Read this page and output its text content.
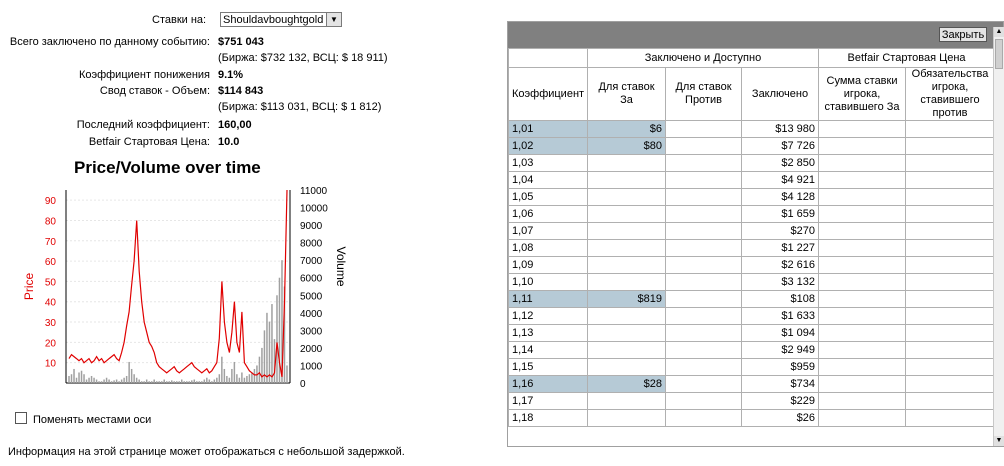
Ставки на: Shouldavboughtgold ▼
Всего заключено по данному событию: $751 043
(Биржа: $732 132, ВСЦ: $ 18 911)
Коэффициент понижения 9.1%
Свод ставок - Объем: $114 843
(Биржа: $113 031, ВСЦ: $ 1 812)
Последний коэффициент: 160,00
Betfair Стартовая Цена: 10.0
Price/Volume over time
10
20
30
40
50
60
70
80
90
0
1000
2000
3000
4000
5000
6000
7000
8000
9000
10000
11000
Price	Volume
Поменять местами оси
Информация на этой странице может отображаться с небольшой задержкой.
Закрыть
	Заключено и Доступно			Betfair Стартовая Цена	
Коэффициент	Для ставок За	Для ставок Против	Заключено	Сумма ставки игрока, ставившего За	Обязательства игрока, ставившего против
1,01	$6		$13 980		
1,02	$80		$7 726		
1,03			$2 850		
1,04			$4 921		
1,05			$4 128		
1,06			$1 659		
1,07			$270		
1,08			$1 227		
1,09			$2 616		
1,10			$3 132		
1,11	$819		$108		
1,12			$1 633		
1,13			$1 094		
1,14			$2 949		
1,15			$959		
1,16	$28		$734		
1,17			$229		
1,18			$26		
▲
▼
